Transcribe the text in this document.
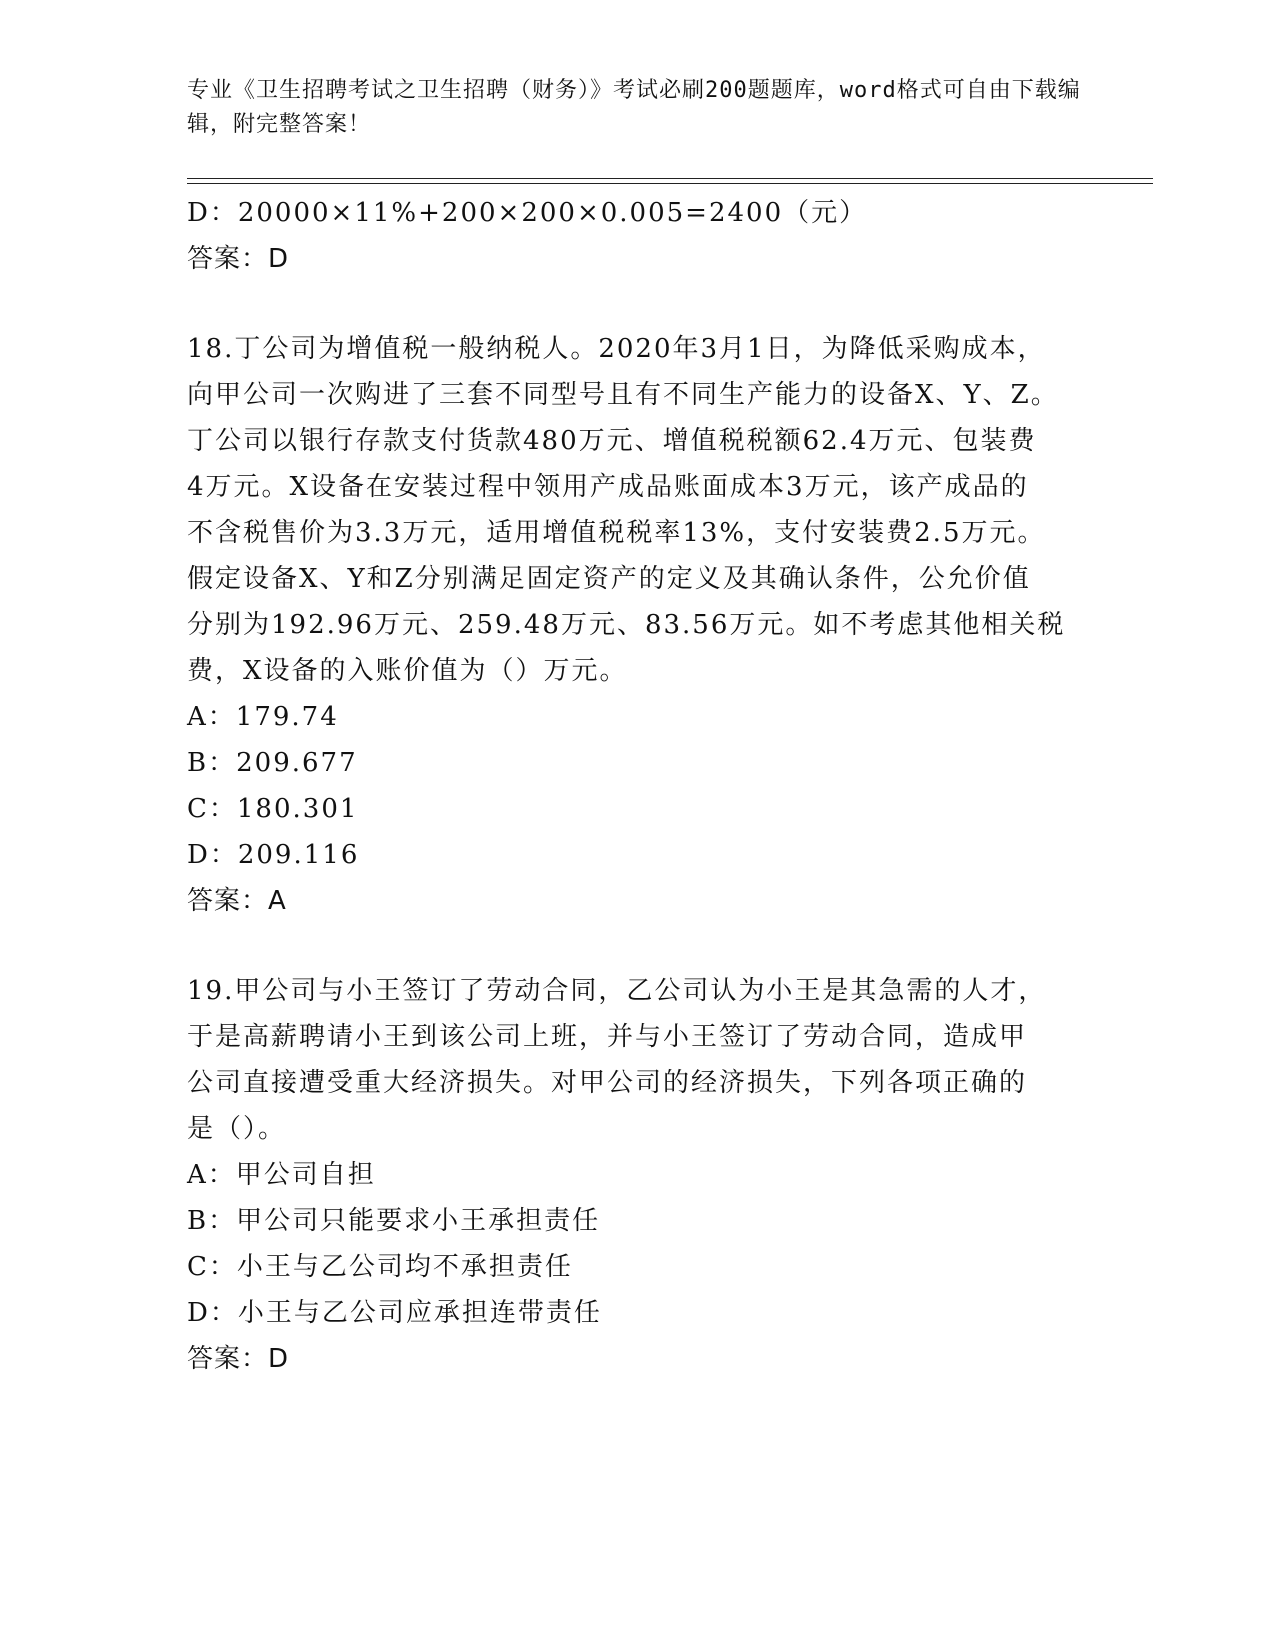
专业《卫生招聘考试之卫生招聘（财务）》考试必刷200题题库，word格式可自由下载编辑，附完整答案！
D：20000×11%+200×200×0.005=2400（元）
答案：D
18.丁公司为增值税一般纳税人。2020年3月1日，为降低采购成本，
向甲公司一次购进了三套不同型号且有不同生产能力的设备X、Y、Z。
丁公司以银行存款支付货款480万元、增值税税额62.4万元、包装费
4万元。X设备在安装过程中领用产成品账面成本3万元，该产成品的
不含税售价为3.3万元，适用增值税税率13%，支付安装费2.5万元。
假定设备X、Y和Z分别满足固定资产的定义及其确认条件，公允价值
分别为192.96万元、259.48万元、83.56万元。如不考虑其他相关税
费，X设备的入账价值为（）万元。
A：179.74
B：209.677
C：180.301
D：209.116
答案：A
19.甲公司与小王签订了劳动合同，乙公司认为小王是其急需的人才，
于是高薪聘请小王到该公司上班，并与小王签订了劳动合同，造成甲
公司直接遭受重大经济损失。对甲公司的经济损失，下列各项正确的
是（）。
A：甲公司自担
B：甲公司只能要求小王承担责任
C：小王与乙公司均不承担责任
D：小王与乙公司应承担连带责任
答案：D
